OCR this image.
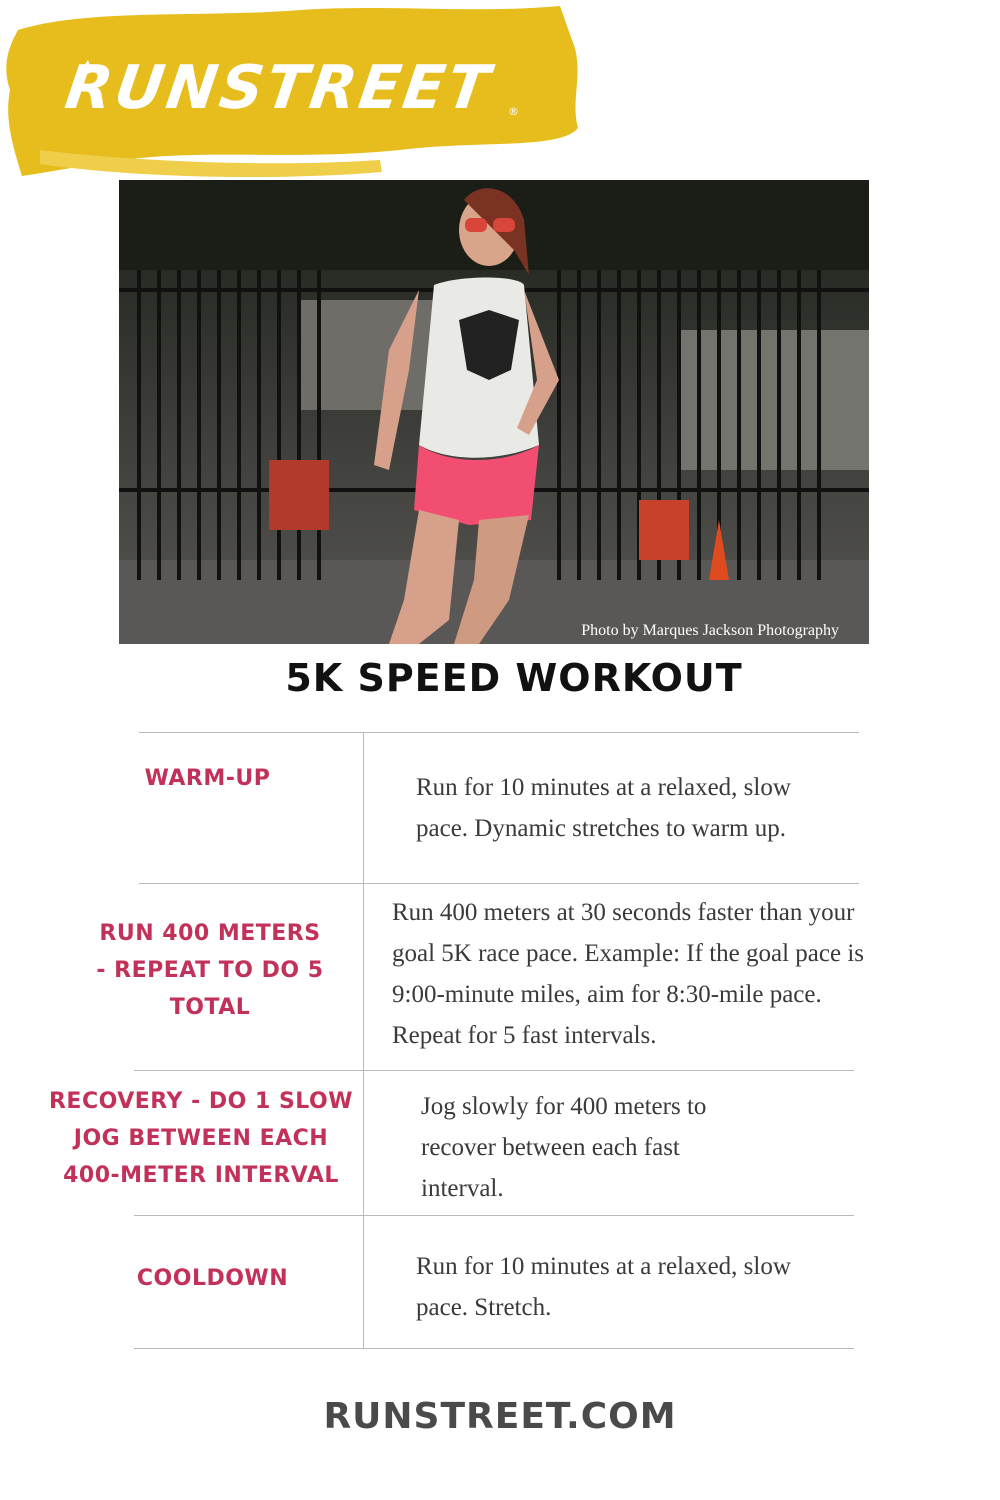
RUNSTREET ®
Photo by Marques Jackson Photography
5K SPEED WORKOUT
WARM-UP	Run for 10 minutes at a relaxed, slow pace. Dynamic stretches to warm up.
RUN 400 METERS - REPEAT TO DO 5 TOTAL
Run 400 meters at 30 seconds faster than your goal 5K race pace. Example: If the goal pace is 9:00-minute miles, aim for 8:30-mile pace. Repeat for 5 fast intervals.
RECOVERY - DO 1 SLOW JOG BETWEEN EACH 400-METER INTERVAL
Jog slowly for 400 meters to recover between each fast interval.
COOLDOWN	Run for 10 minutes at a relaxed, slow pace. Stretch.
RUNSTREET.COM
